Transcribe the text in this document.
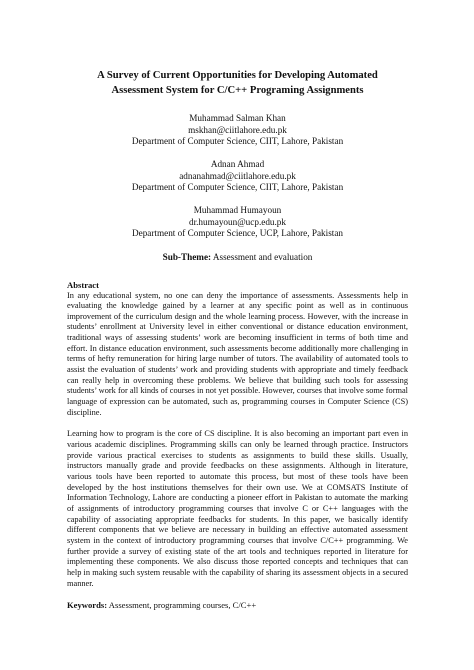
A Survey of Current Opportunities for Developing Automated
Assessment System for C/C++ Programing Assignments
Muhammad Salman Khan
mskhan@ciitlahore.edu.pk
Department of Computer Science, CIIT, Lahore, Pakistan
Adnan Ahmad
adnanahmad@ciitlahore.edu.pk
Department of Computer Science, CIIT, Lahore, Pakistan
Muhammad Humayoun
dr.humayoun@ucp.edu.pk
Department of Computer Science, UCP, Lahore, Pakistan
Sub-Theme: Assessment and evaluation
Abstract

In any educational system, no one can deny the importance of assessments. Assessments help in evaluating the knowledge gained by a learner at any specific point as well as in continuous improvement of the curriculum design and the whole learning process. However, with the increase in students’ enrollment at University level in either conventional or distance education environment, traditional ways of assessing students’ work are becoming insufficient in terms of both time and effort. In distance education environment, such assessments become additionally more challenging in terms of hefty remuneration for hiring large number of tutors. The availability of automated tools to assist the evaluation of students’ work and providing students with appropriate and timely feedback can really help in overcoming these problems. We believe that building such tools for assessing students’ work for all kinds of courses in not yet possible. However, courses that involve some formal language of expression can be automated, such as, programming courses in Computer Science (CS) discipline.

Learning how to program is the core of CS discipline. It is also becoming an important part even in various academic disciplines. Programming skills can only be learned through practice. Instructors provide various practical exercises to students as assignments to build these skills. Usually, instructors manually grade and provide feedbacks on these assignments. Although in literature, various tools have been reported to automate this process, but most of these tools have been developed by the host institutions themselves for their own use. We at COMSATS Institute of Information Technology, Lahore are conducting a pioneer effort in Pakistan to automate the marking of assignments of introductory programming courses that involve C or C++ languages with the capability of associating appropriate feedbacks for students. In this paper, we basically identify different components that we believe are necessary in building an effective automated assessment system in the context of introductory programming courses that involve C/C++ programming. We further provide a survey of existing state of the art tools and techniques reported in literature for implementing these components. We also discuss those reported concepts and techniques that can help in making such system reusable with the capability of sharing its assessment objects in a secured manner.

Keywords: Assessment, programming courses, C/C++
